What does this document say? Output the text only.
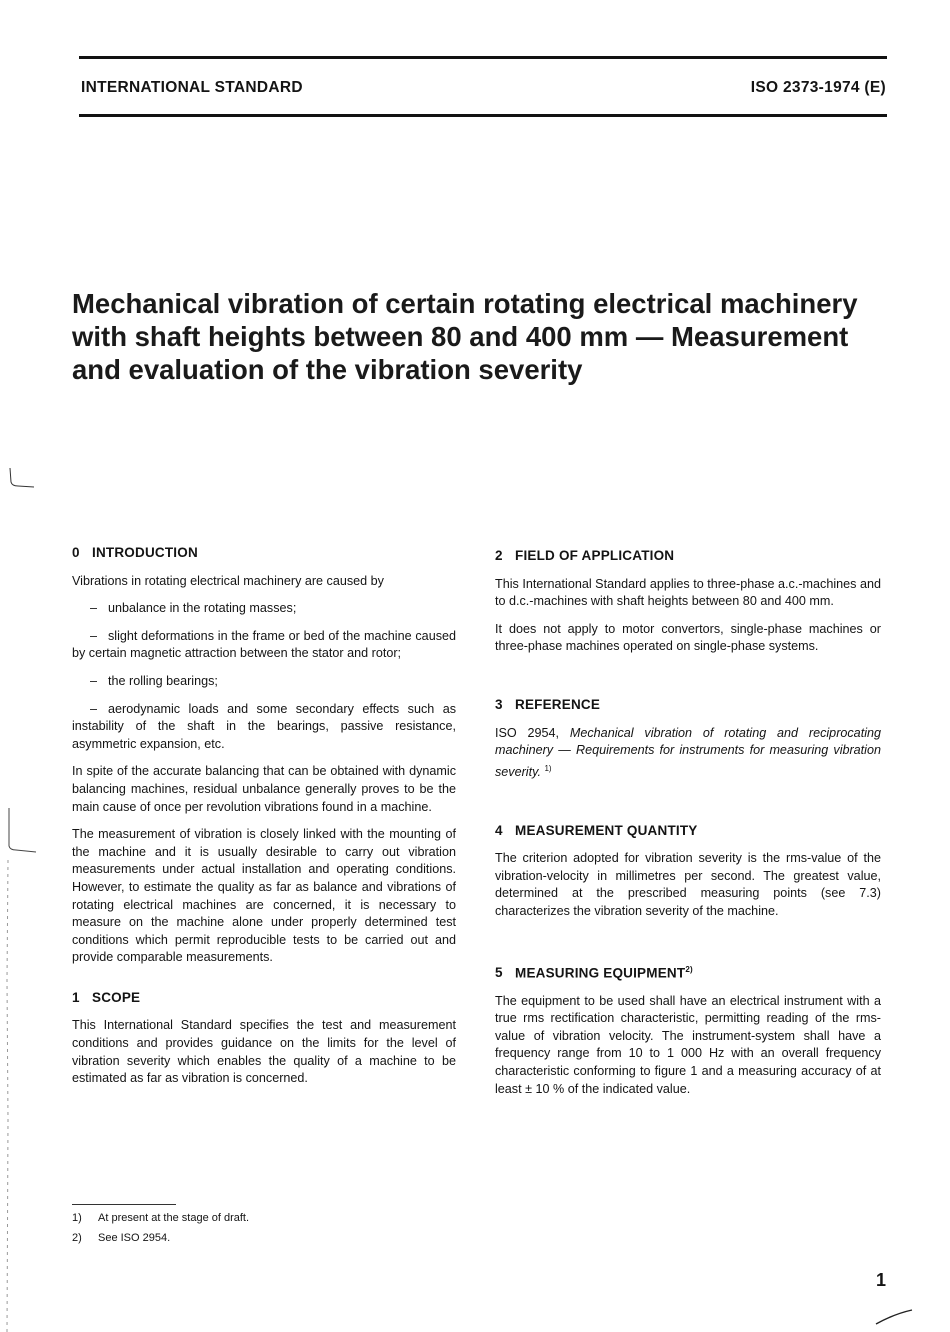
INTERNATIONAL STANDARD	ISO 2373-1974 (E)
Mechanical vibration of certain rotating electrical machinery with shaft heights between 80 and 400 mm — Measurement and evaluation of the vibration severity
0 INTRODUCTION

Vibrations in rotating electrical machinery are caused by

– unbalance in the rotating masses;

– slight deformations in the frame or bed of the machine caused by certain magnetic attraction between the stator and rotor;

– the rolling bearings;

– aerodynamic loads and some secondary effects such as instability of the shaft in the bearings, passive resistance, asymmetric expansion, etc.

In spite of the accurate balancing that can be obtained with dynamic balancing machines, residual unbalance generally proves to be the main cause of once per revolution vibrations found in a machine.

The measurement of vibration is closely linked with the mounting of the machine and it is usually desirable to carry out vibration measurements under actual installation and operating conditions. However, to estimate the quality as far as balance and vibrations of rotating electrical machines are concerned, it is necessary to measure on the machine alone under properly determined test conditions which permit reproducible tests to be carried out and provide comparable measurements.

1 SCOPE

This International Standard specifies the test and measurement conditions and provides guidance on the limits for the level of vibration severity which enables the quality of a machine to be estimated as far as vibration is concerned.

2 FIELD OF APPLICATION

This International Standard applies to three-phase a.c.-machines and to d.c.-machines with shaft heights between 80 and 400 mm.

It does not apply to motor convertors, single-phase machines or three-phase machines operated on single-phase systems.

3 REFERENCE

ISO 2954, Mechanical vibration of rotating and reciprocating machinery — Requirements for instruments for measuring vibration severity. $^{1)}$

4 MEASUREMENT QUANTITY

The criterion adopted for vibration severity is the rms-value of the vibration-velocity in millimetres per second. The greatest value, determined at the prescribed measuring points (see 7.3) characterizes the vibration severity of the machine.

5 MEASURING EQUIPMENT$^{2)}$

The equipment to be used shall have an electrical instrument with a true rms rectification characteristic, permitting reading of the rms-value of vibration velocity. The instrument-system shall have a frequency range from 10 to 1 000 Hz with an overall frequency characteristic conforming to figure 1 and a measuring accuracy of at least ± 10 % of the indicated value.

1) At present at the stage of draft.
2) See ISO 2954.
1
